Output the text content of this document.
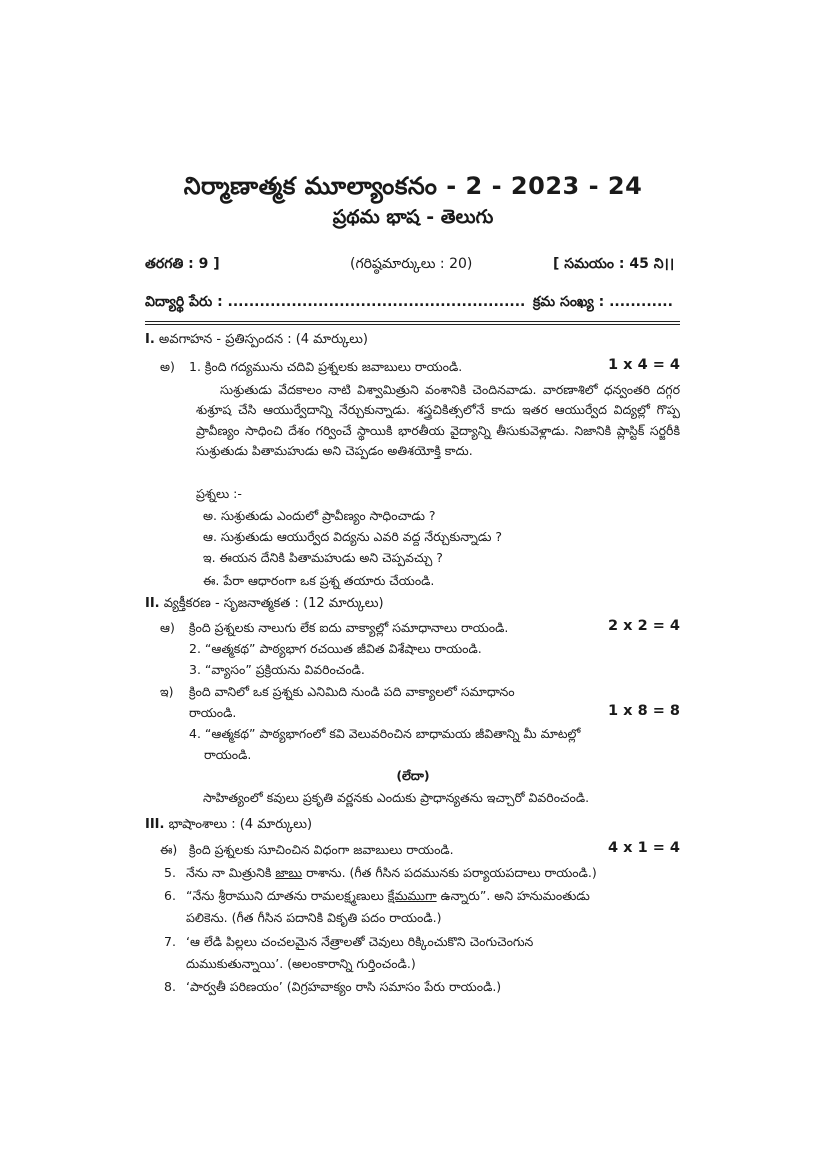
నిర్మాణాత్మక మూల్యాంకనం - 2 - 2023 - 24
ప్రథమ భాష - తెలుగు
తరగతి : 9 ]	(గరిష్ఠమార్కులు : 20)	[ సమయం : 45 ని।।
విద్యార్థి పేరు : ........................................................ క్రమ సంఖ్య : ............
I. అవగాహన - ప్రతిస్పందన : (4 మార్కులు)
అ) 1. క్రింది గద్యమును చదివి ప్రశ్నలకు జవాబులు రాయండి.	1 x 4 = 4
సుశ్రుతుడు వేదకాలం నాటి విశ్వామిత్రుని వంశానికి చెందినవాడు. వారణాశిలో ధన్వంతరి దగ్గర శుశ్రూష చేసి ఆయుర్వేదాన్ని నేర్చుకున్నాడు. శస్త్రచికిత్సలోనే కాదు ఇతర ఆయుర్వేద విద్యల్లో గొప్ప ప్రావీణ్యం సాధించి దేశం గర్వించే స్థాయికి భారతీయ వైద్యాన్ని తీసుకువెళ్లాడు. నిజానికి ప్లాస్టిక్ సర్జరీకి సుశ్రుతుడు పితామహుడు అని చెప్పడం అతిశయోక్తి కాదు.
ప్రశ్నలు :-
అ. సుశ్రుతుడు ఎందులో ప్రావీణ్యం సాధించాడు ?
ఆ. సుశ్రుతుడు ఆయుర్వేద విద్యను ఎవరి వద్ద నేర్చుకున్నాడు ?
ఇ. ఈయన దేనికి పితామహుడు అని చెప్పవచ్చు ?
ఈ. పేరా ఆధారంగా ఒక ప్రశ్న తయారు చేయండి.
II. వ్యక్తీకరణ - సృజనాత్మకత : (12 మార్కులు)
ఆ) క్రింది ప్రశ్నలకు నాలుగు లేక ఐదు వాక్యాల్లో సమాధానాలు రాయండి.	2 x 2 = 4
2. “ఆత్మకథ” పాఠ్యభాగ రచయిత జీవిత విశేషాలు రాయండి.
3. “వ్యాసం” ప్రక్రియను వివరించండి.
ఇ) క్రింది వానిలో ఒక ప్రశ్నకు ఎనిమిది నుండి పది వాక్యాలలో సమాధానం
రాయండి.	1 x 8 = 8
4. “ఆత్మకథ” పాఠ్యభాగంలో కవి వెలువరించిన బాధామయ జీవితాన్ని మీ మాటల్లో
రాయండి.
(లేదా)
సాహిత్యంలో కవులు ప్రకృతి వర్ణనకు ఎందుకు ప్రాధాన్యతను ఇచ్చారో వివరించండి.
III. భాషాంశాలు : (4 మార్కులు)
ఈ) క్రింది ప్రశ్నలకు సూచించిన విధంగా జవాబులు రాయండి.	4 x 1 = 4
5. నేను నా మిత్రునికి జాబు రాశాను. (గీత గీసిన పదమునకు పర్యాయపదాలు రాయండి.)
6. “నేను శ్రీరాముని దూతను రామలక్ష్మణులు క్షేమముగా ఉన్నారు”. అని హనుమంతుడు
పలికెను. (గీత గీసిన పదానికి వికృతి పదం రాయండి.)
7. ‘ఆ లేడి పిల్లలు చంచలమైన నేత్రాలతో చెవులు రిక్కించుకొని చెంగుచెంగున
దుముకుతున్నాయి’. (అలంకారాన్ని గుర్తించండి.)
8. ‘పార్వతీ పరిణయం’ (విగ్రహవాక్యం రాసి సమాసం పేరు రాయండి.)
